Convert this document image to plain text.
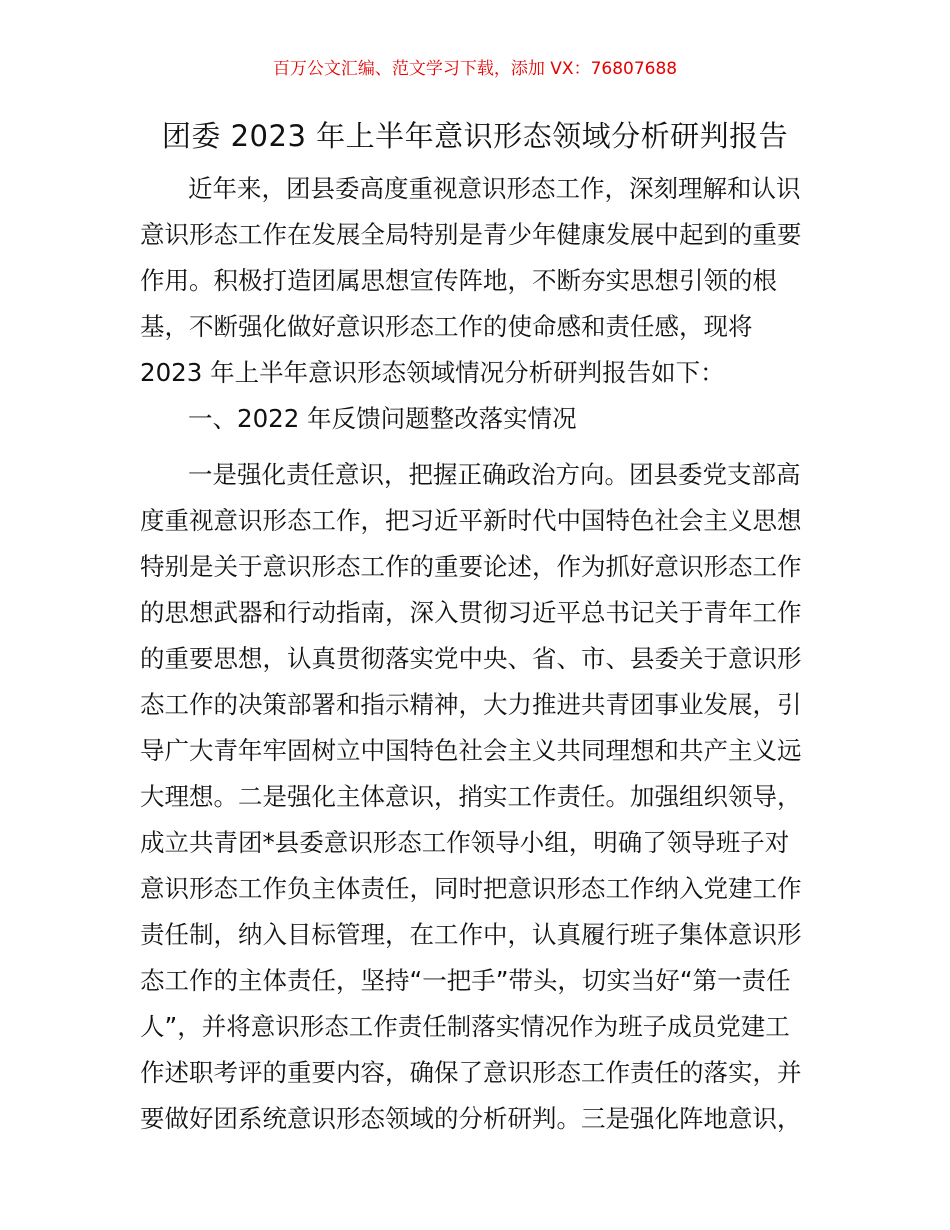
百万公文汇编、范文学习下载，添加 VX：76807688
团委 2023 年上半年意识形态领域分析研判报告
近年来，团县委高度重视意识形态工作，深刻理解和认识
意识形态工作在发展全局特别是青少年健康发展中起到的重要
作用。积极打造团属思想宣传阵地，不断夯实思想引领的根
基，不断强化做好意识形态工作的使命感和责任感，现将
2023 年上半年意识形态领域情况分析研判报告如下：
一、2022 年反馈问题整改落实情况
一是强化责任意识，把握正确政治方向。团县委党支部高
度重视意识形态工作，把习近平新时代中国特色社会主义思想
特别是关于意识形态工作的重要论述，作为抓好意识形态工作
的思想武器和行动指南，深入贯彻习近平总书记关于青年工作
的重要思想，认真贯彻落实党中央、省、市、县委关于意识形
态工作的决策部署和指示精神，大力推进共青团事业发展，引
导广大青年牢固树立中国特色社会主义共同理想和共产主义远
大理想。二是强化主体意识，捎实工作责任。加强组织领导，
成立共青团*县委意识形态工作领导小组，明确了领导班子对
意识形态工作负主体责任，同时把意识形态工作纳入党建工作
责任制，纳入目标管理，在工作中，认真履行班子集体意识形
态工作的主体责任，坚持“一把手”带头，切实当好“第一责任
人”，并将意识形态工作责任制落实情况作为班子成员党建工
作述职考评的重要内容，确保了意识形态工作责任的落实，并
要做好团系统意识形态领域的分析研判。三是强化阵地意识，
